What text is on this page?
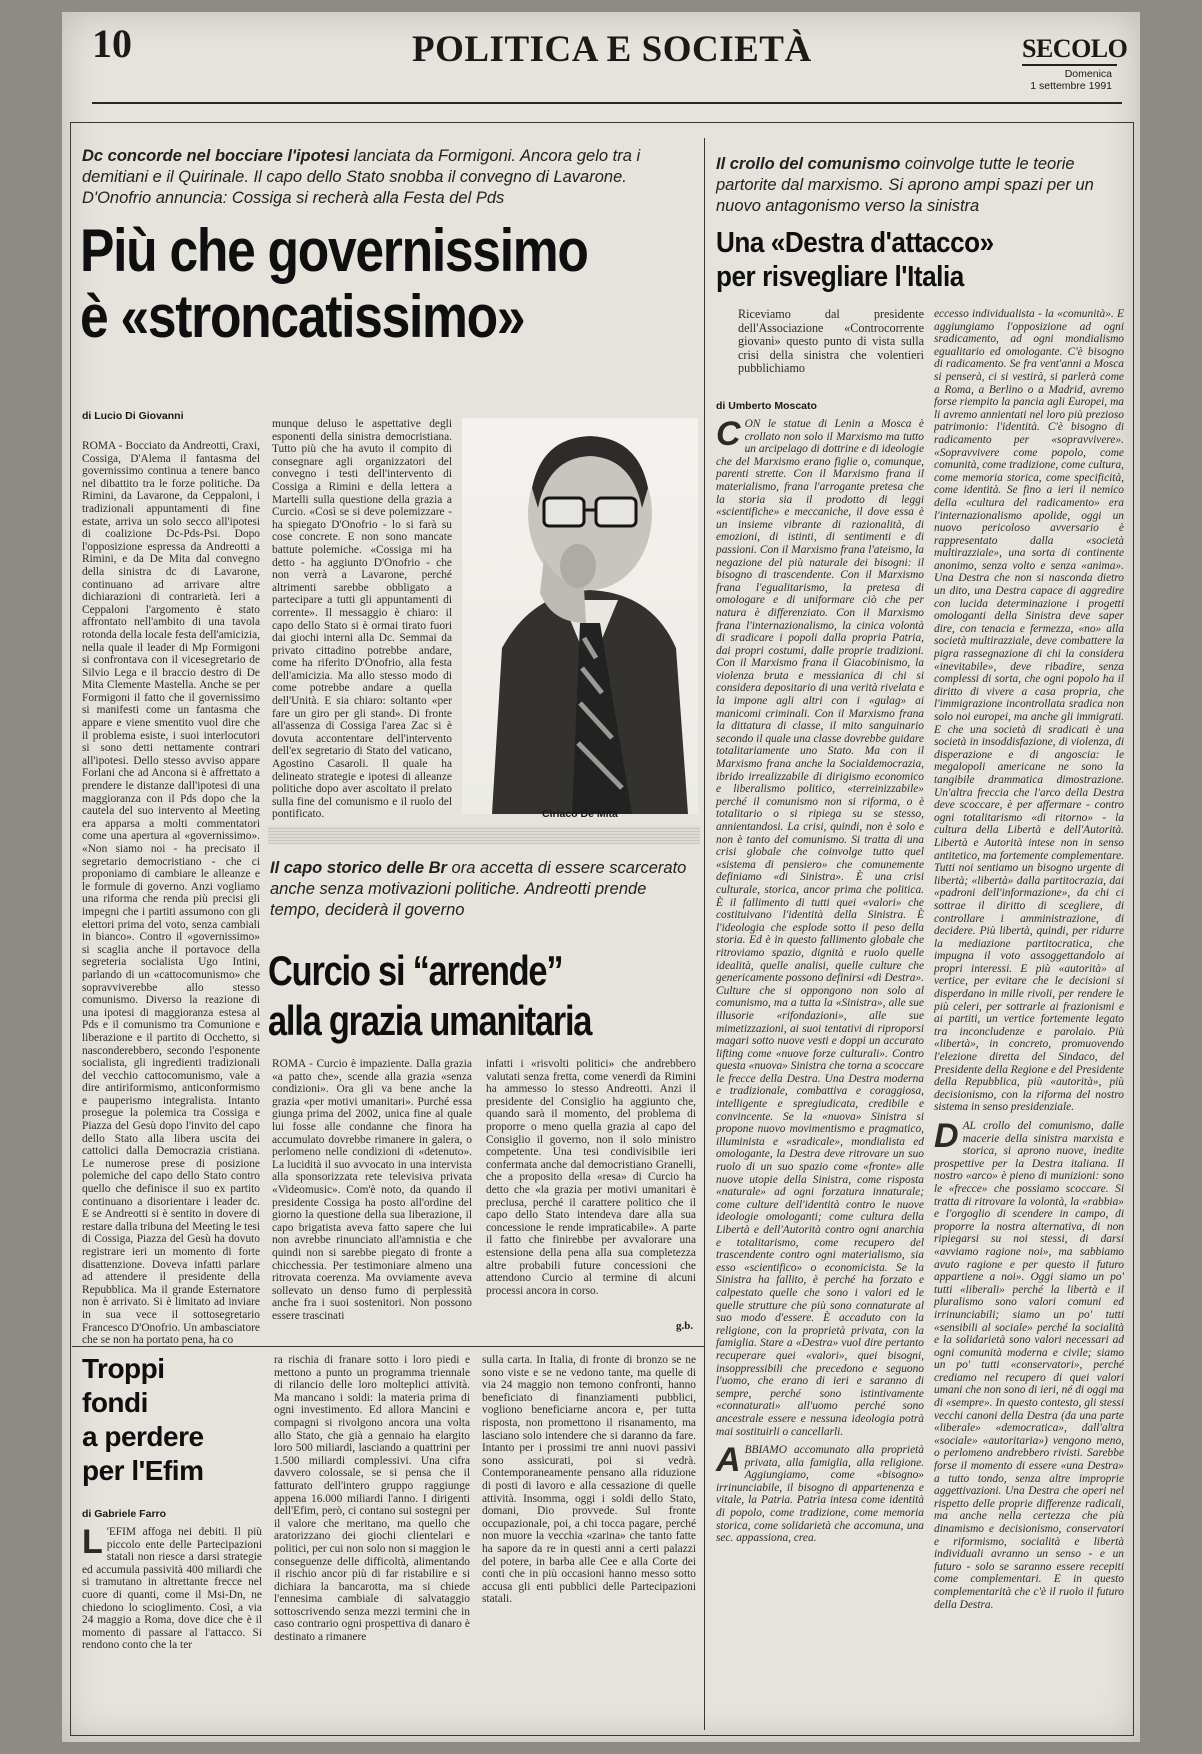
10	POLITICA E SOCIETÀ	SECOLO
Domenica
1 settembre 1991
Dc concorde nel bocciare l'ipotesi lanciata da Formigoni. Ancora gelo tra i demitiani e il Quirinale. Il capo dello Stato snobba il convegno di Lavarone. D'Onofrio annuncia: Cossiga si recherà alla Festa del Pds
Più che governissimo
è «stroncatissimo»
di Lucio Di Giovanni
ROMA - Bocciato da Andreotti, Craxi, Cossiga, D'Alema il fantasma del governissimo continua a tenere banco nel dibattito tra le forze politiche. Da Rimini, da Lavarone, da Ceppaloni, i tradizionali appuntamenti di fine estate, arriva un solo secco all'ipotesi di coalizione Dc-Pds-Psi. Dopo l'opposizione espressa da Andreotti a Rimini, e da De Mita dal convegno della sinistra dc di Lavarone, continuano ad arrivare altre dichiarazioni di contrarietà. Ieri a Ceppaloni l'argomento è stato affrontato nell'ambito di una tavola rotonda della locale festa dell'amicizia, nella quale il leader di Mp Formigoni si confrontava con il vicesegretario de Silvio Lega e il braccio destro di De Mita Clemente Mastella. Anche se per Formigoni il fatto che il governissimo si manifesti come un fantasma che appare e viene smentito vuol dire che il problema esiste, i suoi interlocutori si sono detti nettamente contrari all'ipotesi. Dello stesso avviso appare Forlani che ad Ancona si è affrettato a prendere le distanze dall'ipotesi di una maggioranza con il Pds dopo che la cautela del suo intervento al Meeting era apparsa a molti commentatori come una apertura al «governissimo». «Non siamo noi - ha precisato il segretario democristiano - che ci proponiamo di cambiare le alleanze e le formule di governo. Anzi vogliamo una riforma che renda più precisi gli impegni che i partiti assumono con gli elettori prima del voto, senza cambiali in bianco». Contro il «governissimo» si scaglia anche il portavoce della segreteria socialista Ugo Intini, parlando di un «cattocomunismo» che sopravviverebbe allo stesso comunismo. Diverso la reazione di una ipotesi di maggioranza estesa al Pds e il comunismo tra Comunione e liberazione e il partito di Occhetto, si nasconderebbero, secondo l'esponente socialista, gli ingredienti tradizionali del vecchio cattocomunismo, vale a dire antiriformismo, anticonformismo e pauperismo integralista. Intanto prosegue la polemica tra Cossiga e Piazza del Gesù dopo l'invito del capo dello Stato alla libera uscita dei cattolici dalla Democrazia cristiana. Le numerose prese di posizione polemiche del capo dello Stato contro quello che definisce il suo ex partito continuano a disorientare i leader dc. E se Andreotti si è sentito in dovere di restare dalla tribuna del Meeting le tesi di Cossiga, Piazza del Gesù ha dovuto registrare ieri un momento di forte disattenzione. Doveva infatti parlare ad attendere il presidente della Repubblica. Ma il grande Esternatore non è arrivato. Si è limitato ad inviare in sua vece il sottosegretario Francesco D'Onofrio. Un ambasciatore che se non ha portato pena, ha co
munque deluso le aspettative degli esponenti della sinistra democristiana. Tutto più che ha avuto il compito di consegnare agli organizzatori del convegno i testi dell'intervento di Cossiga a Rimini e della lettera a Martelli sulla questione della grazia a Curcio. «Così se si deve polemizzare - ha spiegato D'Onofrio - lo si farà su cose concrete. E non sono mancate battute polemiche. «Cossiga mi ha detto - ha aggiunto D'Onofrio - che non verrà a Lavarone, perché altrimenti sarebbe obbligato a partecipare a tutti gli appuntamenti di corrente». Il messaggio è chiaro: il capo dello Stato si è ormai tirato fuori dai giochi interni alla Dc. Semmai da privato cittadino potrebbe andare, come ha riferito D'Onofrio, alla festa dell'amicizia. Ma allo stesso modo di come potrebbe andare a quella dell'Unità. E sia chiaro: soltanto «per fare un giro per gli stand». Di fronte all'assenza di Cossiga l'area Zac si è dovuta accontentare dell'intervento dell'ex segretario di Stato del vaticano, Agostino Casaroli. Il quale ha delineato strategie e ipotesi di alleanze politiche dopo aver ascoltato il prelato sulla fine del comunismo e il ruolo del pontificato.	Ciriaco De Mita
Il capo storico delle Br ora accetta di essere scarcerato anche senza motivazioni politiche. Andreotti prende tempo, deciderà il governo
Curcio si “arrende”
alla grazia umanitaria
ROMA - Curcio è impaziente. Dalla grazia «a patto che», scende alla grazia «senza condizioni». Ora gli va bene anche la grazia «per motivi umanitari». Purché essa giunga prima del 2002, unica fine al quale lui fosse alle condanne che finora ha accumulato dovrebbe rimanere in galera, o perlomeno nelle condizioni di «detenuto». La lucidità il suo avvocato in una intervista alla sponsorizzata rete televisiva privata «Videomusic». Com'è noto, da quando il presidente Cossiga ha posto all'ordine del giorno la questione della sua liberazione, il capo brigatista aveva fatto sapere che lui non avrebbe rinunciato all'amnistia e che quindi non si sarebbe piegato di fronte a chicchessia. Per testimoniare almeno una ritrovata coerenza. Ma ovviamente aveva sollevato un denso fumo di perplessità anche fra i suoi sostenitori. Non possono essere trascinati
infatti i «risvolti politici» che andrebbero valutati senza fretta, come venerdì da Rimini ha ammesso lo stesso Andreotti. Anzi il presidente del Consiglio ha aggiunto che, quando sarà il momento, del problema di proporre o meno quella grazia al capo del Consiglio il governo, non il solo ministro competente. Una tesi condivisibile ieri confermata anche dal democristiano Granelli, che a proposito della «resa» di Curcio ha detto che «la grazia per motivi umanitari è preclusa, perché il carattere politico che il capo dello Stato intendeva dare alla sua concessione le rende impraticabile». A parte il fatto che finirebbe per avvalorare una estensione della pena alla sua completezza altre probabili future concessioni che attendono Curcio al termine di alcuni processi ancora in corso.
g.b.
Troppi
fondi
a perdere
per l'Efim
di Gabriele Farro
L 'EFIM affoga nei debiti. Il più piccolo ente delle Partecipazioni statali non riesce a darsi strategie ed accumula passività 400 miliardi che si tramutano in altrettante frecce nel cuore di quanti, come il Msi-Dn, ne chiedono lo scioglimento. Così, a via 24 maggio a Roma, dove dice che è il momento di passare al l'attacco. Si rendono conto che la ter
ra rischia di franare sotto i loro piedi e mettono a punto un programma triennale di rilancio delle loro molteplici attività. Ma mancano i soldi: la materia prima di ogni investimento. Ed allora Mancini e compagni si rivolgono ancora una volta allo Stato, che già a gennaio ha elargito loro 500 miliardi, lasciando a quattrini per 1.500 miliardi complessivi. Una cifra davvero colossale, se si pensa che il fatturato dell'intero gruppo raggiunge appena 16.000 miliardi l'anno. I dirigenti dell'Efim, però, ci contano sui sostegni per il valore che meritano, ma quello che aratorizzano dei giochi clientelari e politici, per cui non solo non si maggion le conseguenze delle difficoltà, alimentando il rischio ancor più di far ristabilire e si dichiara la bancarotta, ma si chiede l'ennesima cambiale di salvataggio sottoscrivendo senza mezzi termini che in caso contrario ogni prospettiva di danaro è destinato a rimanere
sulla carta. In Italia, di fronte di bronzo se ne sono viste e se ne vedono tante, ma quelle di via 24 maggio non temono confronti, hanno beneficiato di finanziamenti pubblici, vogliono beneficiarne ancora e, per tutta risposta, non promettono il risanamento, ma lasciano solo intendere che si daranno da fare. Intanto per i prossimi tre anni nuovi passivi sono assicurati, poi si vedrà. Contemporaneamente pensano alla riduzione di posti di lavoro e alla cessazione di quelle attività. Insomma, oggi i soldi dello Stato, domani, Dio provvede. Sul fronte occupazionale, poi, a chi tocca pagare, perché non muore la vecchia «zarina» che tanto fatte ha sapore da re in questi anni a certi palazzi del potere, in barba alle Cee e alla Corte dei conti che in più occasioni hanno messo sotto accusa gli enti pubblici delle Partecipazioni statali.
Il crollo del comunismo coinvolge tutte le teorie partorite dal marxismo. Si aprono ampi spazi per un nuovo antagonismo verso la sinistra
Una «Destra d'attacco»
per risvegliare l'Italia
Riceviamo dal presidente dell'Associazione «Controcorrente giovani» questo punto di vista sulla crisi della sinistra che volentieri pubblichiamo
di Umberto Moscato
CON le statue di Lenin a Mosca è crollato non solo il Marxismo ma tutto un arcipelago di dottrine e di ideologie che del Marxismo erano figlie o, comunque, parenti strette. Con il Marxismo frana il materialismo, frana l'arrogante pretesa che la storia sia il prodotto di leggi «scientifiche» e meccaniche, il dove essa è un insieme vibrante di razionalità, di emozioni, di istinti, di sentimenti e di passioni. Con il Marxismo frana l'ateismo, la negazione del più naturale dei bisogni: il bisogno di trascendente. Con il Marxismo frana l'egualitarismo, la pretesa di omologare e di uniformare ciò che per natura è differenziato. Con il Marxismo frana l'internazionalismo, la cinica volontà di sradicare i popoli dalla propria Patria, dai propri costumi, dalle proprie tradizioni. Con il Marxismo frana il Giacobinismo, la violenza bruta e messianica di chi si considera depositario di una verità rivelata e la impone agli altri con i «gulag» ai manicomi criminali. Con il Marxismo frana la dittatura di classe, il mito sanguinario secondo il quale una classe dovrebbe guidare totalitariamente uno Stato. Ma con il Marxismo frana anche la Socialdemocrazia, ibrido irrealizzabile di dirigismo economico e liberalismo politico, «terreinizzabile» perché il comunismo non si riforma, o è totalitario o si ripiega su se stesso, annientandosi. La crisi, quindi, non è solo e non è tanto del comunismo. Si tratta di una crisi globale che coinvolge tutto quel «sistema di pensiero» che comunemente definiamo «di Sinistra». È una crisi culturale, storica, ancor prima che politica. È il fallimento di tutti quei «valori» che costituivano l'identità della Sinistra. È l'ideologia che esplode sotto il peso della storia. Ed è in questo fallimento globale che ritroviamo spazio, dignità e ruolo quelle idealità, quelle analisi, quelle culture che genericamente possono definirsi «di Destra». Culture che si oppongono non solo al comunismo, ma a tutta la «Sinistra», alle sue illusorie «rifondazioni», alle sue mimetizzazioni, ai suoi tentativi di riproporsi magari sotto nuove vesti e doppi un accurato lifting come «nuove forze culturali». Contro questa «nuova» Sinistra che torna a scoccare le frecce della Destra. Una Destra moderna e tradizionale, combattiva e coraggiosa, intelligente e spregiudicata, credibile e convincente. Se la «nuova» Sinistra si propone nuovo movimentismo e pragmatico, illuminista e «sradicale», mondialista ed omologante, la Destra deve ritrovare un suo ruolo di un suo spazio come «fronte» alle nuove utopie della Sinistra, come risposta «naturale» ad ogni forzatura innaturale; come culture dell'identità contro le nuove ideologie omologanti; come cultura della Libertà e dell'Autorità contro ogni anarchia e totalitarismo, come recupero del trascendente contro ogni materialismo, sia esso «scientifico» o economicista. Se la Sinistra ha fallito, è perché ha forzato e calpestato quelle che sono i valori ed le quelle strutture che più sono connaturate al suo modo d'essere. È accaduto con la religione, con la proprietà privata, con la famiglia. Stare a «Destra» vuol dire pertanto recuperare quei «valori», quei bisogni, insoppressibili che precedono e seguono l'uomo, che erano di ieri e saranno di sempre, perché sono istintivamente «connaturati» all'uomo perché sono ancestrale essere e nessuna ideologia potrà mai sostituirli o cancellarli.
A BBIAMO accomunato alla proprietà privata, alla famiglia, alla religione. Aggiungiamo, come «bisogno» irrinunciabile, il bisogno di appartenenza e vitale, la Patria. Patria intesa come identità di popolo, come tradizione, come memoria storica, come solidarietà che accomuna, una sec. appassiona, crea.
eccesso individualista - la «comunità». E aggiungiamo l'opposizione ad ogni sradicamento, ad ogni mondialismo egualitario ed omologante. C'è bisogno di radicamento. Se fra vent'anni a Mosca si penserà, ci si vestirà, si parlerà come a Roma, a Berlino o a Madrid, avremo forse riempito la pancia agli Europei, ma li avremo annientati nel loro più prezioso patrimonio: l'identità. C'è bisogno di radicamento per «sopravvivere». «Sopravvivere come popolo, come comunità, come tradizione, come cultura, come memoria storica, come specificità, come identità. Se fino a ieri il nemico della «cultura del radicamento» era l'internazionalismo apolide, oggi un nuovo pericoloso avversario è rappresentato dalla «società multirazziale», una sorta di continente anonimo, senza volto e senza «anima». Una Destra che non si nasconda dietro un dito, una Destra capace di aggredire con lucida determinazione i progetti omologanti della Sinistra deve saper dire, con tenacia e fermezza, «no» alla società multirazziale, deve combattere la pigra rassegnazione di chi la considera «inevitabile», deve ribadire, senza complessi di sorta, che ogni popolo ha il diritto di vivere a casa propria, che l'immigrazione incontrollata sradica non solo noi europei, ma anche gli immigrati. E che una società di sradicati è una società in insoddisfazione, di violenza, di disperazione e di angoscia: le megalopoli americane ne sono la tangibile drammatica dimostrazione. Un'altra freccia che l'arco della Destra deve scoccare, è per affermare - contro ogni totalitarismo «di ritorno» - la cultura della Libertà e dell'Autorità. Libertà e Autorità intese non in senso antitetico, ma fortemente complementare. Tutti noi sentiamo un bisogno urgente di libertà; «libertà» dalla partitocrazia, dai «padroni dell'informazione», da chi ci sottrae il diritto di scegliere, di controllare i amministrazione, di decidere. Più libertà, quindi, per ridurre la mediazione partitocratica, che impugna il voto assoggettandolo ai propri interessi. E più «autorità» al vertice, per evitare che le decisioni si disperdano in mille rivoli, per rendere le più celeri, per sottrarle ai frazionismi e ai partiti, un vertice fortemente legato tra inconcludenze e parolaio. Più «libertà», in concreto, promuovendo l'elezione diretta del Sindaco, del Presidente della Regione e del Presidente della Repubblica, più «autorità», più decisionismo, con la riforma del nostro sistema in senso presidenziale.
D AL crollo del comunismo, dalle macerie della sinistra marxista e storica, si aprono nuove, inedite prospettive per la Destra italiana. Il nostro «arco» è pieno di munizioni: sono le «frecce» che possiamo scoccare. Si tratta di ritrovare la volontà, la «rabbia» e l'orgoglio di scendere in campo, di proporre la nostra alternativa, di non ripiegarsi su noi stessi, di darsi «avviamo ragione noi», ma sabbiamo avuto ragione e per questo il futuro appartiene a noi». Oggi siamo un po' tutti «liberali» perché la libertà e il pluralismo sono valori comuni ed irrinunciabili; siamo un po' tutti «sensibili al sociale» perché la socialità e la solidarietà sono valori necessari ad ogni comunità moderna e civile; siamo un po' tutti «conservatori», perché crediamo nel recupero di quei valori umani che non sono di ieri, né di oggi ma di «sempre». In questo contesto, gli stessi vecchi canoni della Destra (da una parte «liberale» «democratica», dall'altra «sociale» «autoritaria») vengono meno, o perlomeno andrebbero rivisti. Sarebbe forse il momento di essere «una Destra» a tutto tondo, senza altre improprie aggettivazioni. Una Destra che operi nel rispetto delle proprie differenze radicali, ma anche nella certezza che più dinamismo e decisionismo, conservatori e riformismo, socialità e libertà individuali avranno un senso - e un futuro - solo se saranno essere recepiti come complementari. E in questo complementarità che c'è il ruolo il futuro della Destra.
